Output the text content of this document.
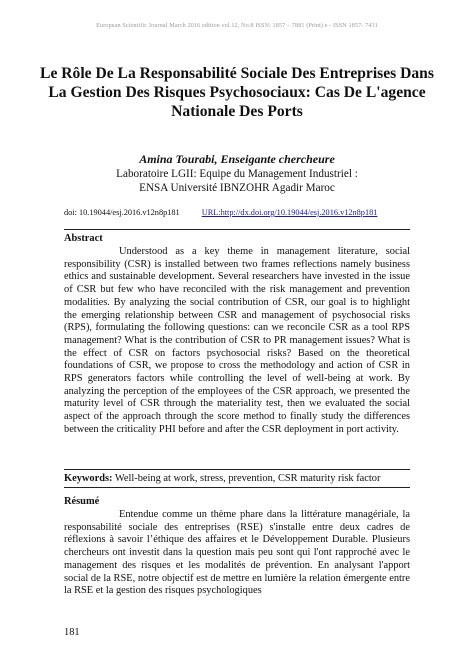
European Scientific Journal March 2016 edition vol.12, No.8 ISSN: 1857 – 7881 (Print) e - ISSN 1857- 7431
Le Rôle De La Responsabilité Sociale Des Entreprises Dans La Gestion Des Risques Psychosociaux: Cas De L'agence Nationale Des Ports
Amina Tourabi, Enseigante chercheure
Laboratoire LGII: Equipe du Management Industriel :
ENSA Université IBNZOHR Agadir Maroc
doi: 10.19044/esj.2016.v12n8p181	URL:http://dx.doi.org/10.19044/esj.2016.v12n8p181
Abstract
Understood as a key theme in management literature, social responsibility (CSR) is installed between two frames reflections namely business ethics and sustainable development. Several researchers have invested in the issue of CSR but few who have reconciled with the risk management and prevention modalities. By analyzing the social contribution of CSR, our goal is to highlight the emerging relationship between CSR and management of psychosocial risks (RPS), formulating the following questions: can we reconcile CSR as a tool RPS management? What is the contribution of CSR to PR management issues? What is the effect of CSR on factors psychosocial risks? Based on the theoretical foundations of CSR, we propose to cross the methodology and action of CSR in RPS generators factors while controlling the level of well-being at work. By analyzing the perception of the employees of the CSR approach, we presented the maturity level of CSR through the materiality test, then we evaluated the social aspect of the approach through the score method to finally study the differences between the criticality PHI before and after the CSR deployment in port activity.
Keywords: Well-being at work, stress, prevention, CSR maturity risk factor
Résumé
Entendue comme un thème phare dans la littérature managériale, la responsabilité sociale des entreprises (RSE) s'installe entre deux cadres de réflexions à savoir l’éthique des affaires et le Développement Durable. Plusieurs chercheurs ont investit dans la question mais peu sont qui l'ont rapproché avec le management des risques et les modalités de prévention. En analysant l'apport social de la RSE, notre objectif est de mettre en lumière la relation émergente entre la RSE et la gestion des risques psychologiques
181
